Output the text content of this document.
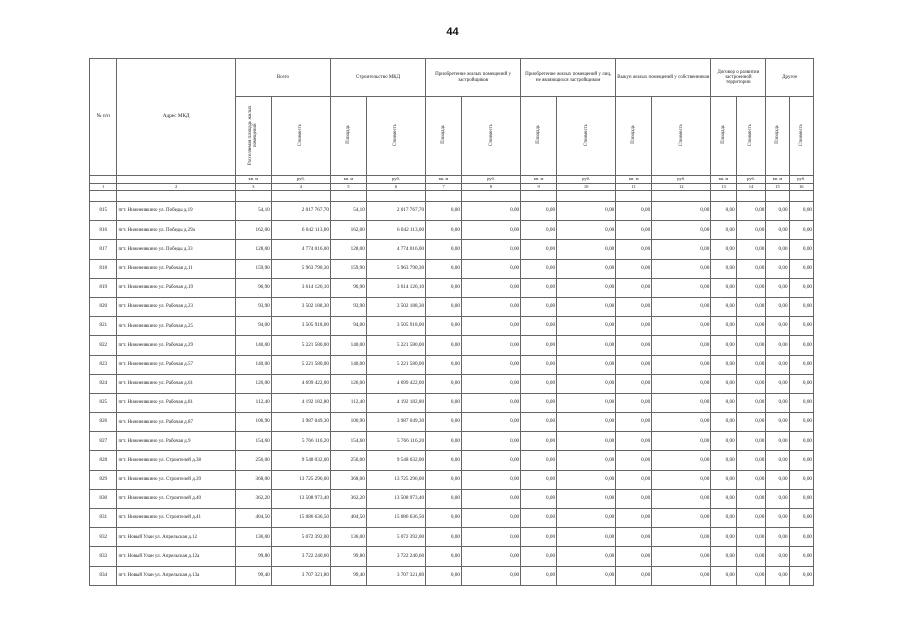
44
№ п/п	Адрес МКД	Всего		Строительство МКД		Приобретение жилых помещений у застройщиков		Приобретение жилых помещений у лиц, не являющихся застройщиком		Выкуп жилых помещений у собственников		Договор о развитии застроенной территории		Другое	
		Расселяемая площадь жилых помещений	Стоимость	Площадь	Стоимость	Площадь	Стоимость	Площадь	Стоимость	Площадь	Стоимость	Площадь	Стоимость	Площадь	Стоимость
		кв. м	руб.	кв. м	руб.	кв. м	руб.	кв. м	руб.	кв. м	руб.	кв. м	руб.	кв. м	руб.
1	2	3	4	5	6	7	8	9	10	11	12	13	14	15	16

815	пгт. Нижнеивкино ул. Победы д.19	54,10	2 017 767,70	54,10	2 017 767,70	0,00	0,00	0,00	0,00	0,00	0,00	0,00	0,00	0,00	0,00
816	пгт. Нижнеивкино ул. Победы д.29а	162,00	6 042 113,00	162,00	6 042 113,00	0,00	0,00	0,00	0,00	0,00	0,00	0,00	0,00	0,00	0,00
817	пгт. Нижнеивкино ул. Победы д.33	128,00	4 774 016,00	128,00	4 774 016,00	0,00	0,00	0,00	0,00	0,00	0,00	0,00	0,00	0,00	0,00
818	пгт. Нижнеивкино ул. Рабочая д.11	159,90	5 963 790,30	159,90	5 963 790,30	0,00	0,00	0,00	0,00	0,00	0,00	0,00	0,00	0,00	0,00
819	пгт. Нижнеивкино ул. Рабочая д.19	96,90	3 614 126,10	96,90	3 614 126,10	0,00	0,00	0,00	0,00	0,00	0,00	0,00	0,00	0,00	0,00
820	пгт. Нижнеивкино ул. Рабочая д.23	93,90	3 502 188,30	93,90	3 502 188,30	0,00	0,00	0,00	0,00	0,00	0,00	0,00	0,00	0,00	0,00
821	пгт. Нижнеивкино ул. Рабочая д.25	94,00	3 505 918,00	94,00	3 505 918,00	0,00	0,00	0,00	0,00	0,00	0,00	0,00	0,00	0,00	0,00
822	пгт. Нижнеивкино ул. Рабочая д.29	140,00	5 221 580,00	140,00	5 221 580,00	0,00	0,00	0,00	0,00	0,00	0,00	0,00	0,00	0,00	0,00
823	пгт. Нижнеивкино ул. Рабочая д.57	140,00	5 221 580,00	140,00	5 221 580,00	0,00	0,00	0,00	0,00	0,00	0,00	0,00	0,00	0,00	0,00
824	пгт. Нижнеивкино ул. Рабочая д.61	126,00	4 699 422,00	126,00	4 699 422,00	0,00	0,00	0,00	0,00	0,00	0,00	0,00	0,00	0,00	0,00
825	пгт. Нижнеивкино ул. Рабочая д.81	112,40	4 192 182,80	112,40	4 192 182,80	0,00	0,00	0,00	0,00	0,00	0,00	0,00	0,00	0,00	0,00
826	пгт. Нижнеивкино ул. Рабочая д.87	106,90	3 987 049,30	106,90	3 987 049,30	0,00	0,00	0,00	0,00	0,00	0,00	0,00	0,00	0,00	0,00
827	пгт. Нижнеивкино ул. Рабочая д.9	154,60	5 766 116,20	154,60	5 766 116,20	0,00	0,00	0,00	0,00	0,00	0,00	0,00	0,00	0,00	0,00
828	пгт. Нижнеивкино ул. Строителей д.38	256,00	9 548 032,00	256,00	9 548 032,00	0,00	0,00	0,00	0,00	0,00	0,00	0,00	0,00	0,00	0,00
829	пгт. Нижнеивкино ул. Строителей д.39	368,00	13 725 296,00	368,00	13 725 296,00	0,00	0,00	0,00	0,00	0,00	0,00	0,00	0,00	0,00	0,00
830	пгт. Нижнеивкино ул. Строителей д.40	362,20	13 508 973,40	362,20	13 508 973,40	0,00	0,00	0,00	0,00	0,00	0,00	0,00	0,00	0,00	0,00
831	пгт. Нижнеивкино ул. Строителей д.41	404,50	15 086 636,50	404,50	15 086 636,50	0,00	0,00	0,00	0,00	0,00	0,00	0,00	0,00	0,00	0,00
832	пгт. Новый Улан ул. Апрельская д.12	136,00	5 072 392,00	136,00	5 072 392,00	0,00	0,00	0,00	0,00	0,00	0,00	0,00	0,00	0,00	0,00
833	пгт. Новый Улан ул. Апрельская д.12а	99,80	3 722 240,60	99,80	3 722 240,60	0,00	0,00	0,00	0,00	0,00	0,00	0,00	0,00	0,00	0,00
834	пгт. Новый Улан ул. Апрельская д.13а	99,40	3 707 321,80	99,40	3 707 321,80	0,00	0,00	0,00	0,00	0,00	0,00	0,00	0,00	0,00	0,00
